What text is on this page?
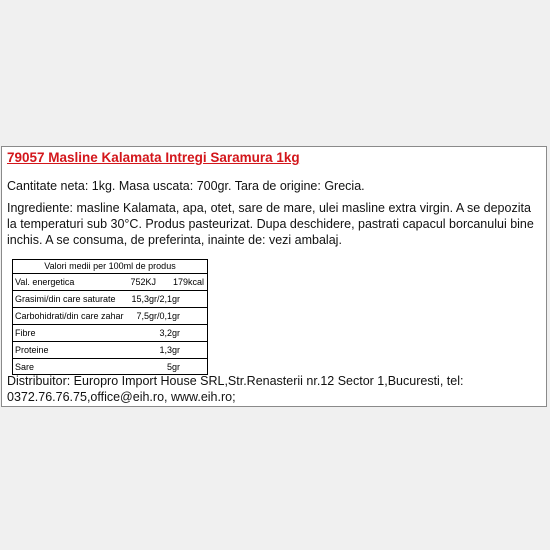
79057 Masline Kalamata Intregi Saramura 1kg
Cantitate neta: 1kg. Masa uscata: 700gr. Tara de origine: Grecia.
Ingrediente: masline Kalamata, apa, otet, sare de mare, ulei masline extra virgin. A se depozita la temperaturi sub 30°C. Produs pasteurizat. Dupa deschidere, pastrati capacul borcanului bine inchis. A se consuma, de preferinta, inainte de: vezi ambalaj.
Valori medii per 100ml de produs
Val. energetica	752KJ	179kcal
Grasimi/din care saturate	15,3gr/2,1gr
Carbohidrati/din care zahar	7,5gr/0,1gr
Fibre	3,2gr
Proteine	1,3gr
Sare	5gr
Distribuitor: Europro Import House SRL,Str.Renasterii nr.12 Sector 1,Bucuresti, tel: 0372.76.76.75,office@eih.ro, www.eih.ro;
